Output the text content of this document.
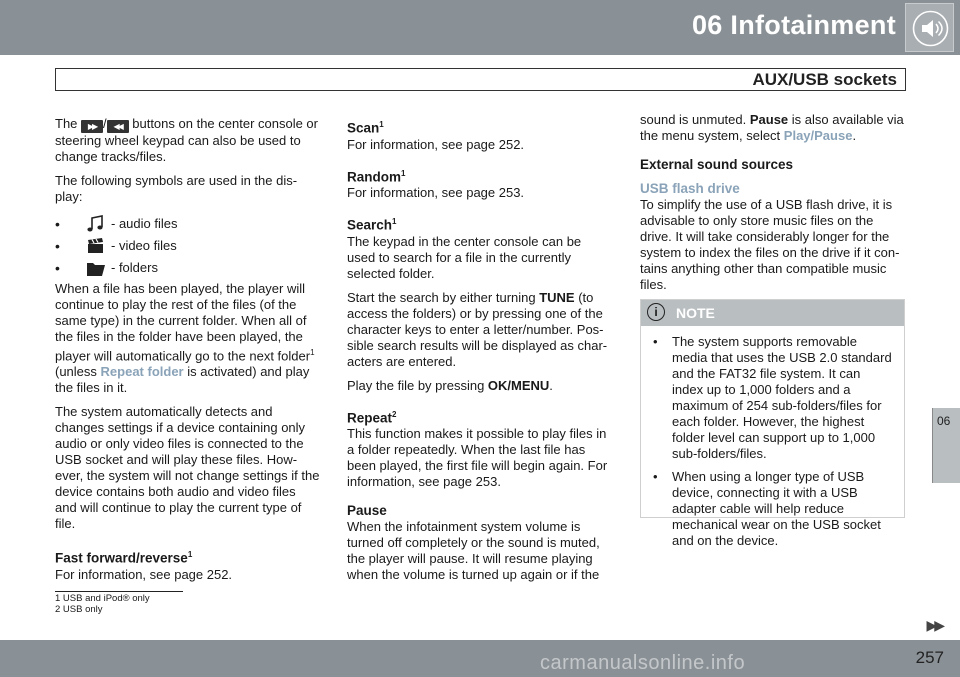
06 Infotainment
AUX/USB sockets

The ▶▶ / ◀◀ buttons on the center console or steering wheel keypad can also be used to change tracks/files.

The following symbols are used in the dis-play:

•	- audio files
•	- video files
•	- folders

When a file has been played, the player will continue to play the rest of the files (of the same type) in the current folder. When all of the files in the folder have been played, the player will automatically go to the next folder$^1$ (unless Repeat folder is activated) and play the files in it.

The system automatically detects and changes settings if a device containing only audio or only video files is connected to the USB socket and will play these files. How-ever, the system will not change settings if the device contains both audio and video files and will continue to play the current type of file.

Fast forward/reverse$^1$

For information, see page 252.

Scan$^1$

For information, see page 252.

Random$^1$

For information, see page 253.

Search$^1$

The keypad in the center console can be used to search for a file in the currently selected folder.

Start the search by either turning TUNE (to access the folders) or by pressing one of the character keys to enter a letter/number. Pos-sible search results will be displayed as char-acters are entered.

Play the file by pressing OK/MENU.

Repeat$^2$

This function makes it possible to play files in a folder repeatedly. When the last file has been played, the first file will begin again. For information, see page 253.

Pause

When the infotainment system volume is turned off completely or the sound is muted, the player will pause. It will resume playing when the volume is turned up again or if the

sound is unmuted. Pause is also available via the menu system, select Play/Pause.

External sound sources
USB flash drive

To simplify the use of a USB flash drive, it is advisable to only store music files on the drive. It will take considerably longer for the system to index the files on the drive if it con-tains anything other than compatible music files.

i	NOTE
• The system supports removable media that uses the USB 2.0 standard and the FAT32 file system. It can index up to 1,000 folders and a maximum of 254 sub-folders/files for each folder. However, the highest folder level can support up to 1,000 sub-folders/files.
• When using a longer type of USB device, connecting it with a USB adapter cable will help reduce mechanical wear on the USB socket and on the device.
1 USB and iPod® only
2 USB only
06
▶▶
carmanualsonline.info	257
